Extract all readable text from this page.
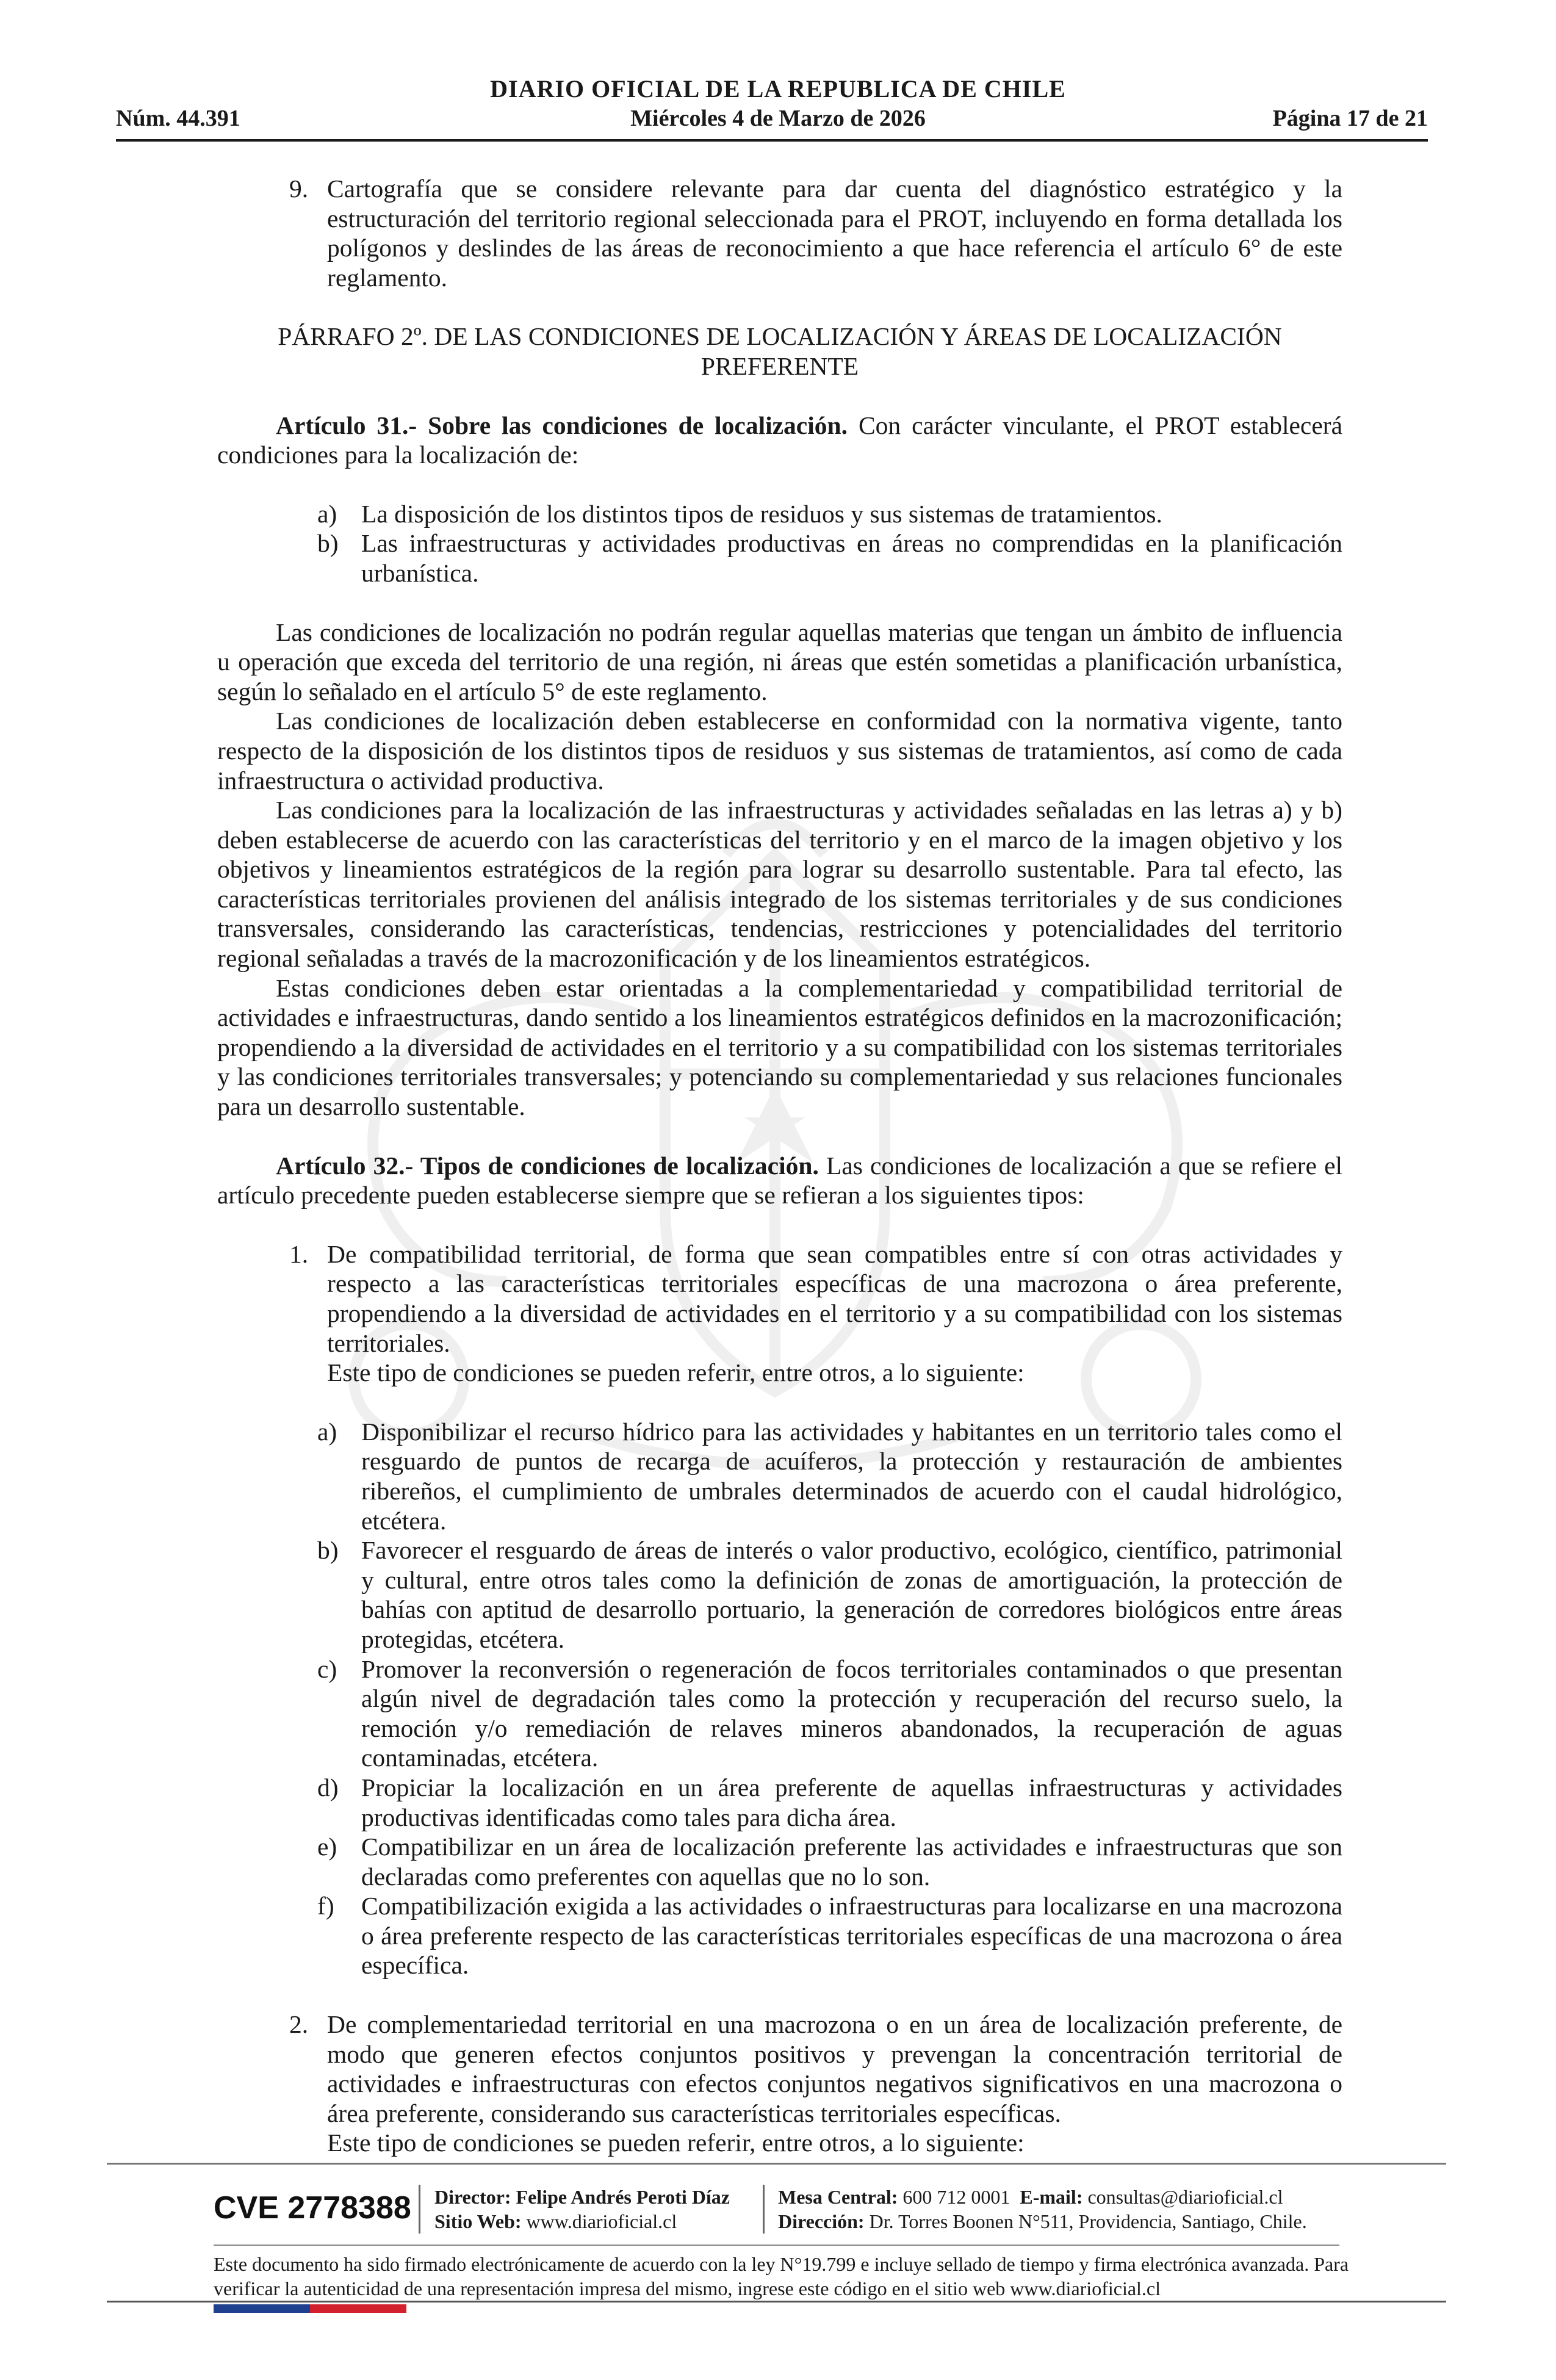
DIARIO OFICIAL DE LA REPUBLICA DE CHILE
Núm. 44.391	Miércoles 4 de Marzo de 2026	Página 17 de 21
9. Cartografía que se considere relevante para dar cuenta del diagnóstico estratégico y la estructuración del territorio regional seleccionada para el PROT, incluyendo en forma detallada los polígonos y deslindes de las áreas de reconocimiento a que hace referencia el artículo 6° de este reglamento.

PÁRRAFO 2º. DE LAS CONDICIONES DE LOCALIZACIÓN Y ÁREAS DE LOCALIZACIÓN PREFERENTE

Artículo 31.- Sobre las condiciones de localización. Con carácter vinculante, el PROT establecerá condiciones para la localización de:

a) La disposición de los distintos tipos de residuos y sus sistemas de tratamientos.
b) Las infraestructuras y actividades productivas en áreas no comprendidas en la planificación urbanística.

Las condiciones de localización no podrán regular aquellas materias que tengan un ámbito de influencia u operación que exceda del territorio de una región, ni áreas que estén sometidas a planificación urbanística, según lo señalado en el artículo 5° de este reglamento.

Las condiciones de localización deben establecerse en conformidad con la normativa vigente, tanto respecto de la disposición de los distintos tipos de residuos y sus sistemas de tratamientos, así como de cada infraestructura o actividad productiva.

Las condiciones para la localización de las infraestructuras y actividades señaladas en las letras a) y b) deben establecerse de acuerdo con las características del territorio y en el marco de la imagen objetivo y los objetivos y lineamientos estratégicos de la región para lograr su desarrollo sustentable. Para tal efecto, las características territoriales provienen del análisis integrado de los sistemas territoriales y de sus condiciones transversales, considerando las características, tendencias, restricciones y potencialidades del territorio regional señaladas a través de la macrozonificación y de los lineamientos estratégicos.

Estas condiciones deben estar orientadas a la complementariedad y compatibilidad territorial de actividades e infraestructuras, dando sentido a los lineamientos estratégicos definidos en la macrozonificación; propendiendo a la diversidad de actividades en el territorio y a su compatibilidad con los sistemas territoriales y las condiciones territoriales transversales; y potenciando su complementariedad y sus relaciones funcionales para un desarrollo sustentable.

Artículo 32.- Tipos de condiciones de localización. Las condiciones de localización a que se refiere el artículo precedente pueden establecerse siempre que se refieran a los siguientes tipos:

1. De compatibilidad territorial, de forma que sean compatibles entre sí con otras actividades y respecto a las características territoriales específicas de una macrozona o área preferente, propendiendo a la diversidad de actividades en el territorio y a su compatibilidad con los sistemas territoriales.
Este tipo de condiciones se pueden referir, entre otros, a lo siguiente:
a) Disponibilizar el recurso hídrico para las actividades y habitantes en un territorio tales como el resguardo de puntos de recarga de acuíferos, la protección y restauración de ambientes ribereños, el cumplimiento de umbrales determinados de acuerdo con el caudal hidrológico, etcétera.
b) Favorecer el resguardo de áreas de interés o valor productivo, ecológico, científico, patrimonial y cultural, entre otros tales como la definición de zonas de amortiguación, la protección de bahías con aptitud de desarrollo portuario, la generación de corredores biológicos entre áreas protegidas, etcétera.
c) Promover la reconversión o regeneración de focos territoriales contaminados o que presentan algún nivel de degradación tales como la protección y recuperación del recurso suelo, la remoción y/o remediación de relaves mineros abandonados, la recuperación de aguas contaminadas, etcétera.
d) Propiciar la localización en un área preferente de aquellas infraestructuras y actividades productivas identificadas como tales para dicha área.
e) Compatibilizar en un área de localización preferente las actividades e infraestructuras que son declaradas como preferentes con aquellas que no lo son.
f) Compatibilización exigida a las actividades o infraestructuras para localizarse en una macrozona o área preferente respecto de las características territoriales específicas de una macrozona o área específica.
2. De complementariedad territorial en una macrozona o en un área de localización preferente, de modo que generen efectos conjuntos positivos y prevengan la concentración territorial de actividades e infraestructuras con efectos conjuntos negativos significativos en una macrozona o área preferente, considerando sus características territoriales específicas.
Este tipo de condiciones se pueden referir, entre otros, a lo siguiente:
CVE 2778388 Director: Felipe Andrés Peroti Díaz
Sitio Web: www.diarioficial.cl
Mesa Central: 600 712 0001 E-mail: consultas@diarioficial.cl
Dirección: Dr. Torres Boonen N°511, Providencia, Santiago, Chile.
Este documento ha sido firmado electrónicamente de acuerdo con la ley N°19.799 e incluye sellado de tiempo y firma electrónica avanzada. Para verificar la autenticidad de una representación impresa del mismo, ingrese este código en el sitio web www.diarioficial.cl
